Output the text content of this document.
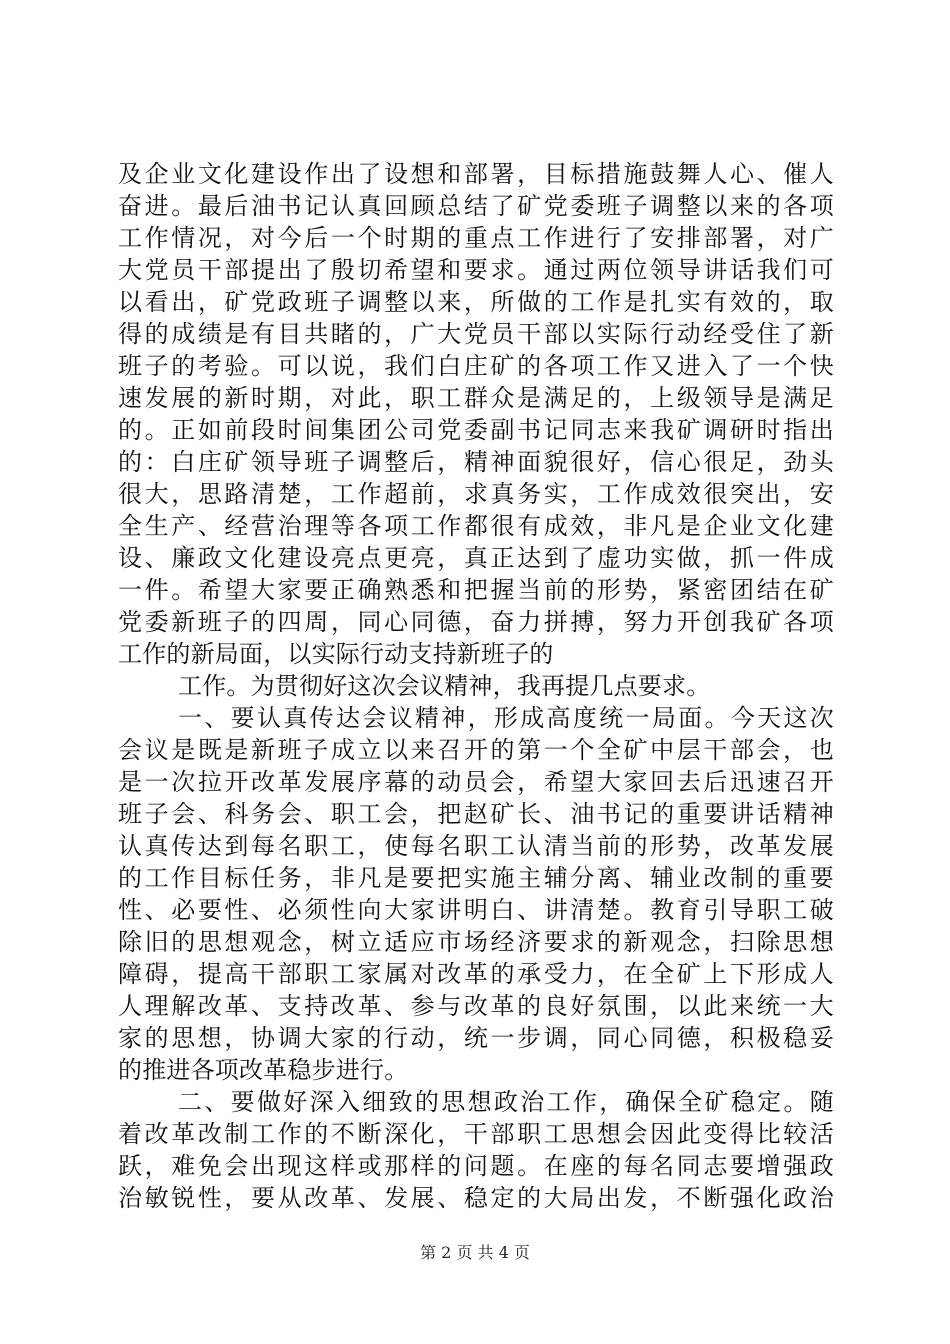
及企业文化建设作出了设想和部署，目标措施鼓舞人心、催人
奋进。最后油书记认真回顾总结了矿党委班子调整以来的各项
工作情况，对今后一个时期的重点工作进行了安排部署，对广
大党员干部提出了殷切希望和要求。通过两位领导讲话我们可
以看出，矿党政班子调整以来，所做的工作是扎实有效的，取
得的成绩是有目共睹的，广大党员干部以实际行动经受住了新
班子的考验。可以说，我们白庄矿的各项工作又进入了一个快
速发展的新时期，对此，职工群众是满足的，上级领导是满足
的。正如前段时间集团公司党委副书记同志来我矿调研时指出
的：白庄矿领导班子调整后，精神面貌很好，信心很足，劲头
很大，思路清楚，工作超前，求真务实，工作成效很突出，安
全生产、经营治理等各项工作都很有成效，非凡是企业文化建
设、廉政文化建设亮点更亮，真正达到了虚功实做，抓一件成
一件。希望大家要正确熟悉和把握当前的形势，紧密团结在矿
党委新班子的四周，同心同德，奋力拼搏，努力开创我矿各项
工作的新局面，以实际行动支持新班子的
工作。为贯彻好这次会议精神，我再提几点要求。
一、要认真传达会议精神，形成高度统一局面。今天这次
会议是既是新班子成立以来召开的第一个全矿中层干部会，也
是一次拉开改革发展序幕的动员会，希望大家回去后迅速召开
班子会、科务会、职工会，把赵矿长、油书记的重要讲话精神
认真传达到每名职工，使每名职工认清当前的形势，改革发展
的工作目标任务，非凡是要把实施主辅分离、辅业改制的重要
性、必要性、必须性向大家讲明白、讲清楚。教育引导职工破
除旧的思想观念，树立适应市场经济要求的新观念，扫除思想
障碍，提高干部职工家属对改革的承受力，在全矿上下形成人
人理解改革、支持改革、参与改革的良好氛围，以此来统一大
家的思想，协调大家的行动，统一步调，同心同德，积极稳妥
的推进各项改革稳步进行。
二、要做好深入细致的思想政治工作，确保全矿稳定。随
着改革改制工作的不断深化，干部职工思想会因此变得比较活
跃，难免会出现这样或那样的问题。在座的每名同志要增强政
治敏锐性，要从改革、发展、稳定的大局出发，不断强化政治
第 2 页 共 4 页
